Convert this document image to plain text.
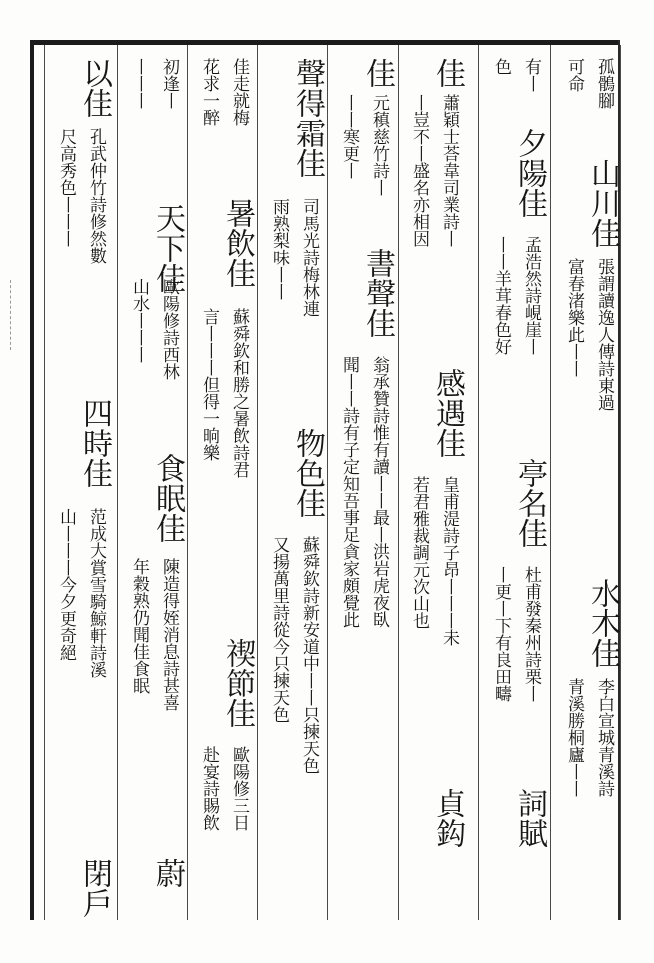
山川佳
水木佳
孤鶻腳
張謂讀逸人傳詩東過
李白宣城青溪詩
可命
富春渚樂此丨丨
青溪勝桐廬丨丨
夕陽佳
亭名佳
詞賦
有丨
孟浩然詩峴崖丨
杜甫發秦州詩栗丨
色
丨丨羊茸春色好
丨更丨下有良田疇
佳
感遇佳
貞鈎
蕭穎士荅韋司業詩丨
皇甫湜詩子昂丨丨丨未
丨豈不丨盛名亦相因
若君雅裁調元次山也
佳
書聲佳
元稹慈竹詩丨
翁承贊詩惟有讀丨丨最丨洪岩虎夜臥
丨丨寒更丨
聞丨丨詩有子定知吾事足貪家頗覺此
聲
得霜佳
物色佳
司馬光詩梅林連
蘇舜欽詩新安道中丨丨只揀天色
雨熟梨味丨丨
又揚萬里詩從今只揀天色
暑飲佳
禊節佳
佳走就梅
蘇舜欽和勝之暑飲詩君
歐陽修三日
花求一醉
言丨丨丨但得一晌樂
赴宴詩賜飲
天下佳
食眠佳
蔚
初逢丨
歐陽修詩西林
陳造得姪消息詩甚喜
丨丨丨
山水丨丨丨
年穀熟仍聞佳食眠
以佳
四時佳
閉戶
孔武仲竹詩修然數
范成大賞雪騎鯨軒詩溪
尺高秀色丨丨丨
山丨丨丨今夕更奇絕
